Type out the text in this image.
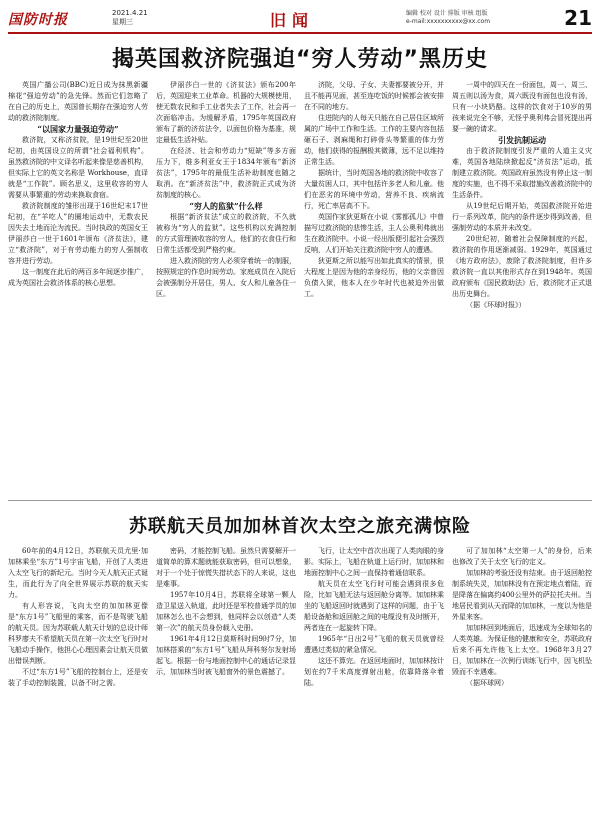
国防时报	2021.4.21
星期三	旧闻	编辑 校对 设计 排版 审核 组版
e-mail:xxxxxxxxxx@xx.com	21
揭英国救济院强迫“穷人劳动”黑历史

英国广播公司(BBC)近日成为抹黑新疆棉花“强迫劳动”的急先锋。然而它们忽略了在自己的历史上，英国曾长期存在强迫穷人劳动的救济院制度。

“以国家力量强迫劳动”

救济院，又称济贫院，是19世纪至20世纪初，由英国设立的所谓“社会福利机构”。虽然救济院的中文译名听起来像是慈善机构，但实际上它的英文名称是 Workhouse，直译就是“工作院”。顾名思义，这里收容的穷人需要从事繁重的劳动来换取食宿。

救济院制度的雏形出现于16世纪末17世纪初，在“羊吃人”的圈地运动中，无数农民因失去土地而沦为流民。当时执政的英国女王伊丽莎白一世于1601年颁布《济贫法》，建立“救济院”，对于有劳动能力的穷人强制收容并进行劳动。

这一制度在此后的两百多年间逐步推广，成为英国社会救济体系的核心思想。

伊丽莎白一世的《济贫法》颁布200年后，英国迎来工业革命。机器的大规模使用，使无数农民和手工业者失去了工作，社会再一次面临冲击。为缓解矛盾，1795年英国政府颁布了新的济贫法令，以面包价格为基准，规定最低生活补贴。

在经济、社会和劳动力“短缺”等多方面压力下，维多利亚女王于1834年颁布“新济贫法”，1795年的最低生活补助制度也随之取消。在“新济贫法”中，救济院正式成为济贫制度的核心。

“穷人的监狱”什么样

根据“新济贫法”成立的救济院，不久就被称为“穷人的监狱”。这些机构以充满控制的方式管理被收容的穷人，他们的衣食住行和日常生活都受到严格约束。

进入救济院的穷人必须穿着统一的制服，按照规定的作息时间劳动。家庭成员在入院后会被强制分开居住，男人、女人和儿童各住一区。

济院，父母、子女、夫妻都要被分开，并且不能再见面，甚至连吃饭的时候都会被安排在不同的地方。

住进院内的人每天只能在自己居住区域所属的广场中工作和生活。工作的主要内容包括砸石子、剥麻绳和打碎骨头等繁重的体力劳动，他们获得的报酬极其微薄，远不足以维持正常生活。

据统计，当时英国各地的救济院中收容了大量贫困人口，其中包括许多老人和儿童。他们在恶劣的环境中劳动，营养不良、疾病流行，死亡率居高不下。

英国作家狄更斯在小说《雾都孤儿》中曾描写过救济院的悲惨生活，主人公奥利弗就出生在救济院中。小说一经出版便引起社会强烈反响，人们开始关注救济院中穷人的遭遇。

狄更斯之所以能写出如此真实的情景，很大程度上是因为他的亲身经历，他的父亲曾因负债入狱，他本人在少年时代也被迫外出做工。

一周中的四天在一份面包，周一、周三、周五则以汤为食，周六既没有面包也没有汤，只有一小块奶酪。这样的饮食对于10岁的男孩来说完全不够，无怪乎奥利弗会冒死提出再要一碗的请求。

引发抗制运动

由于救济院制度引发严重的人道主义灾难，英国各地陆续掀起反“济贫法”运动，抵制建立救济院。英国政府虽然没有停止这一制度的实施，也不得不采取措施改善救济院中的生活条件。

从19世纪后期开始，英国救济院开始进行一系列改革，院内的条件逐步得到改善，但强制劳动的本质并未改变。

20世纪初，随着社会保障制度的兴起，救济院的作用逐渐减弱。1929年，英国通过《地方政府法》，废除了救济院制度，但许多救济院一直以其他形式存在到1948年。英国政府颁布《国民救助法》后，救济院才正式退出历史舞台。

（据《环球时报》）

苏联航天员加加林首次太空之旅充满惊险

60年前的4月12日，苏联航天员尤里·加加林乘坐“东方”1号宇宙飞船，开创了人类进入太空飞行的新纪元。当时今天人航天正式诞生，而此行为了向全世界展示苏联的航天实力。

有人形容说，飞向太空的加加林更像是“东方1号”飞船里的乘客，而不是驾驶飞船的航天员。因为苏联载人航天计划的总设计师科罗廖夫不希望航天员在第一次太空飞行时对飞船动手操作，他担心心理因素会让航天员做出错误判断。

不过“东方1号”飞船的控制台上，还是安装了手动控制装置，以备不时之需。

密码，才能控制飞船。虽然只需要解开一道简单的算术题就能获取密码，但可以想象，对于一个处于惊慌失措状态下的人来说，这也是难事。

1957年10月4日，苏联将全球第一颗人造卫星送入轨道，此时还是军校普通学员的加加林怎么也不会想到，他同样会以创造“人类第一次”的航天员身份载入史册。

1961年4月12日莫斯科时间9时7分，加加林搭乘的“东方1号”飞船从拜科努尔发射场起飞。根据一份与地面控制中心的通话记录显示，加加林当时被飞船窗外的景色震撼了。

飞行，让太空中首次出现了人类肉眼的身影。实际上，飞船在轨道上运行时，加加林和地面控制中心之间一直保持着通信联系。

航天员在太空飞行时可能会遇到很多危险，比如飞船无法与返回舱分离等。加加林乘坐的飞船返回时就遇到了这样的问题，由于飞船设备舱和返回舱之间的电缆没有及时断开，两者连在一起旋转下降。

1965年“日出2号”飞船的航天员就曾经遭遇过类似的紧急情况。

这还不算完。在返回地面时，加加林按计划在约7千米高度弹射出舱，依靠降落伞着陆。

可了加加林“太空第一人”的身份，后来也修改了关于太空飞行的定义。

加加林的考验还没有结束。由于返回舱控制系统失灵，加加林没有在预定地点着陆，而是降落在偏离约400公里外的萨拉托夫州。当地居民看到从天而降的加加林，一度以为他是外星来客。

加加林回到地面后，迅速成为全球知名的人类英雄。为保证他的健康和安全，苏联政府后来不再允许他飞上太空。1968年3月27日，加加林在一次例行训练飞行中，因飞机坠毁而不幸遇难。

（据环球网）
